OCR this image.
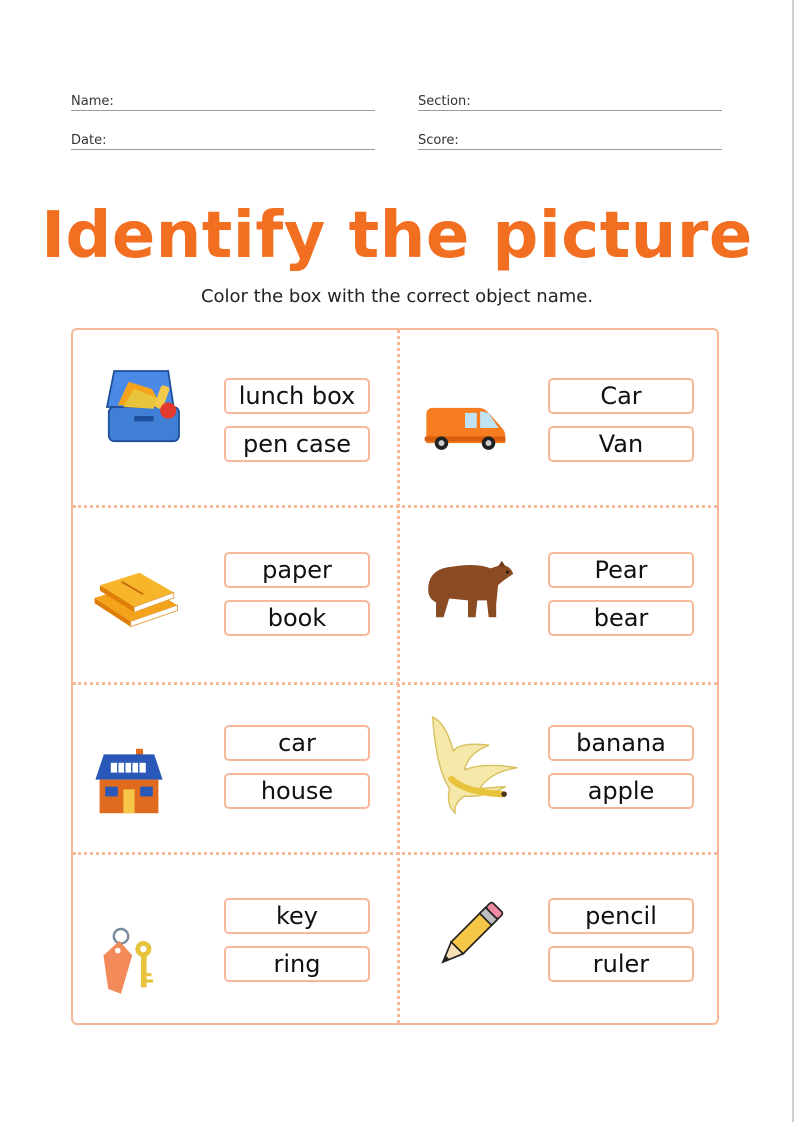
Name:	Section:
Date:	Score:
Identify the picture
Color the box with the correct object name.
lunch box
pen case
Car
Van
paper
book
Pear
bear
car
house
banana
apple
key
ring
pencil
ruler
